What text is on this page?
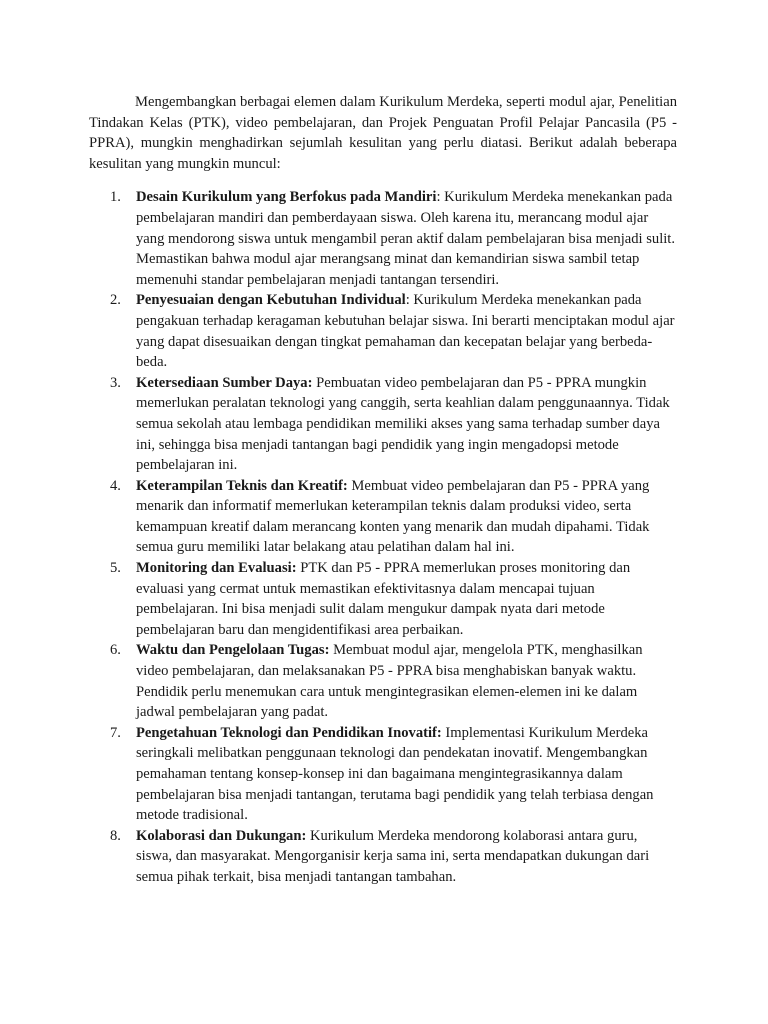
Mengembangkan berbagai elemen dalam Kurikulum Merdeka, seperti modul ajar, Penelitian Tindakan Kelas (PTK), video pembelajaran, dan Projek Penguatan Profil Pelajar Pancasila (P5 - PPRA), mungkin menghadirkan sejumlah kesulitan yang perlu diatasi. Berikut adalah beberapa kesulitan yang mungkin muncul:

1. Desain Kurikulum yang Berfokus pada Mandiri: Kurikulum Merdeka menekankan pada pembelajaran mandiri dan pemberdayaan siswa. Oleh karena itu, merancang modul ajar yang mendorong siswa untuk mengambil peran aktif dalam pembelajaran bisa menjadi sulit. Memastikan bahwa modul ajar merangsang minat dan kemandirian siswa sambil tetap memenuhi standar pembelajaran menjadi tantangan tersendiri.
2. Penyesuaian dengan Kebutuhan Individual: Kurikulum Merdeka menekankan pada pengakuan terhadap keragaman kebutuhan belajar siswa. Ini berarti menciptakan modul ajar yang dapat disesuaikan dengan tingkat pemahaman dan kecepatan belajar yang berbeda-beda.
3. Ketersediaan Sumber Daya: Pembuatan video pembelajaran dan P5 - PPRA mungkin memerlukan peralatan teknologi yang canggih, serta keahlian dalam penggunaannya. Tidak semua sekolah atau lembaga pendidikan memiliki akses yang sama terhadap sumber daya ini, sehingga bisa menjadi tantangan bagi pendidik yang ingin mengadopsi metode pembelajaran ini.
4. Keterampilan Teknis dan Kreatif: Membuat video pembelajaran dan P5 - PPRA yang menarik dan informatif memerlukan keterampilan teknis dalam produksi video, serta kemampuan kreatif dalam merancang konten yang menarik dan mudah dipahami. Tidak semua guru memiliki latar belakang atau pelatihan dalam hal ini.
5. Monitoring dan Evaluasi: PTK dan P5 - PPRA memerlukan proses monitoring dan evaluasi yang cermat untuk memastikan efektivitasnya dalam mencapai tujuan pembelajaran. Ini bisa menjadi sulit dalam mengukur dampak nyata dari metode pembelajaran baru dan mengidentifikasi area perbaikan.
6. Waktu dan Pengelolaan Tugas: Membuat modul ajar, mengelola PTK, menghasilkan video pembelajaran, dan melaksanakan P5 - PPRA bisa menghabiskan banyak waktu. Pendidik perlu menemukan cara untuk mengintegrasikan elemen-elemen ini ke dalam jadwal pembelajaran yang padat.
7. Pengetahuan Teknologi dan Pendidikan Inovatif: Implementasi Kurikulum Merdeka seringkali melibatkan penggunaan teknologi dan pendekatan inovatif. Mengembangkan pemahaman tentang konsep-konsep ini dan bagaimana mengintegrasikannya dalam pembelajaran bisa menjadi tantangan, terutama bagi pendidik yang telah terbiasa dengan metode tradisional.
8. Kolaborasi dan Dukungan: Kurikulum Merdeka mendorong kolaborasi antara guru, siswa, dan masyarakat. Mengorganisir kerja sama ini, serta mendapatkan dukungan dari semua pihak terkait, bisa menjadi tantangan tambahan.
